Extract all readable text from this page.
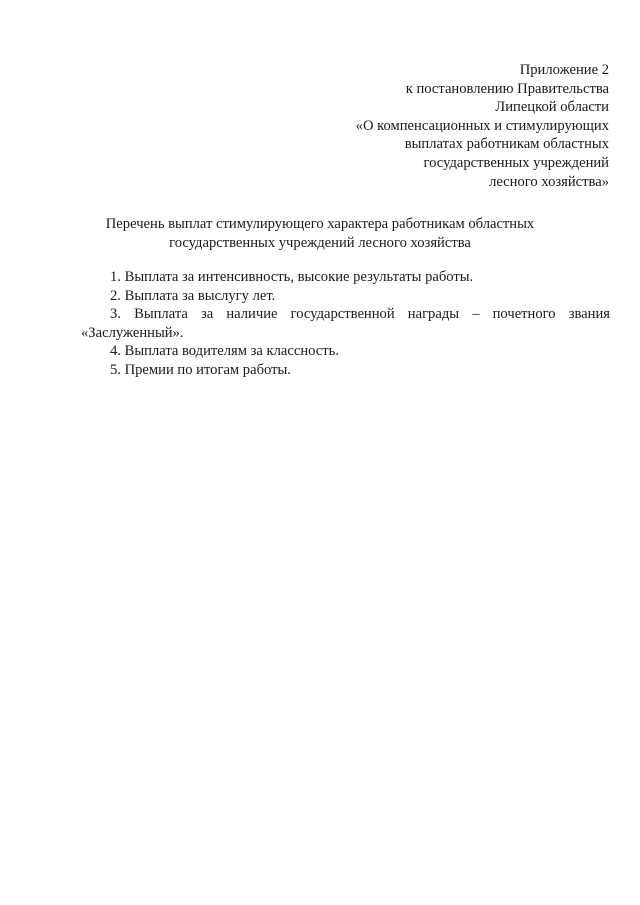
Приложение 2
к постановлению Правительства
Липецкой области
«О компенсационных и стимулирующих
выплатах работникам областных
государственных учреждений
лесного хозяйства»
Перечень выплат стимулирующего характера работникам областных
государственных учреждений лесного хозяйства
1. Выплата за интенсивность, высокие результаты работы.
2. Выплата за выслугу лет.
3. Выплата за наличие государственной награды – почетного звания
«Заслуженный».
4. Выплата водителям за классность.
5. Премии по итогам работы.
